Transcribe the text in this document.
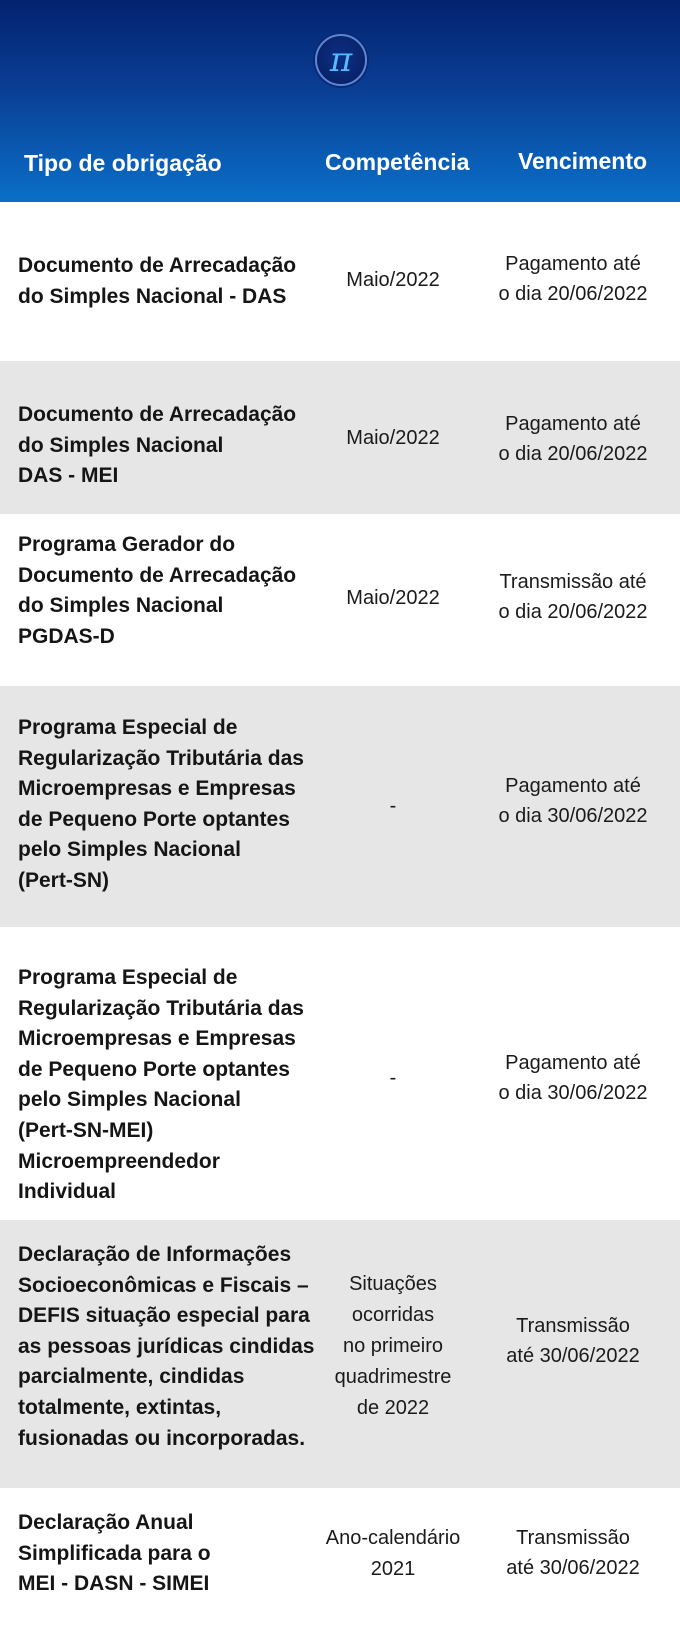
π
Tipo de obrigação	Competência Vencimento
Documento de Arrecadação
do Simples Nacional - DAS
Maio/2022
Pagamento até
o dia 20/06/2022
Documento de Arrecadação
do Simples Nacional
DAS - MEI
Maio/2022
Pagamento até
o dia 20/06/2022
Programa Gerador do
Documento de Arrecadação
do Simples Nacional
PGDAS-D
Maio/2022
Transmissão até
o dia 20/06/2022
Programa Especial de
Regularização Tributária das
Microempresas e Empresas
de Pequeno Porte optantes
pelo Simples Nacional
(Pert-SN)
-
Pagamento até
o dia 30/06/2022
Programa Especial de
Regularização Tributária das
Microempresas e Empresas
de Pequeno Porte optantes
pelo Simples Nacional
(Pert-SN-MEI)
Microempreendedor
Individual
-
Pagamento até
o dia 30/06/2022
Declaração de Informações
Socioeconômicas e Fiscais –
DEFIS situação especial para
as pessoas jurídicas cindidas
parcialmente, cindidas
totalmente, extintas,
fusionadas ou incorporadas.
Situações
ocorridas
no primeiro
quadrimestre
de 2022
Transmissão
até 30/06/2022
Declaração Anual
Simplificada para o
MEI - DASN - SIMEI
Ano-calendário
2021
Transmissão
até 30/06/2022
